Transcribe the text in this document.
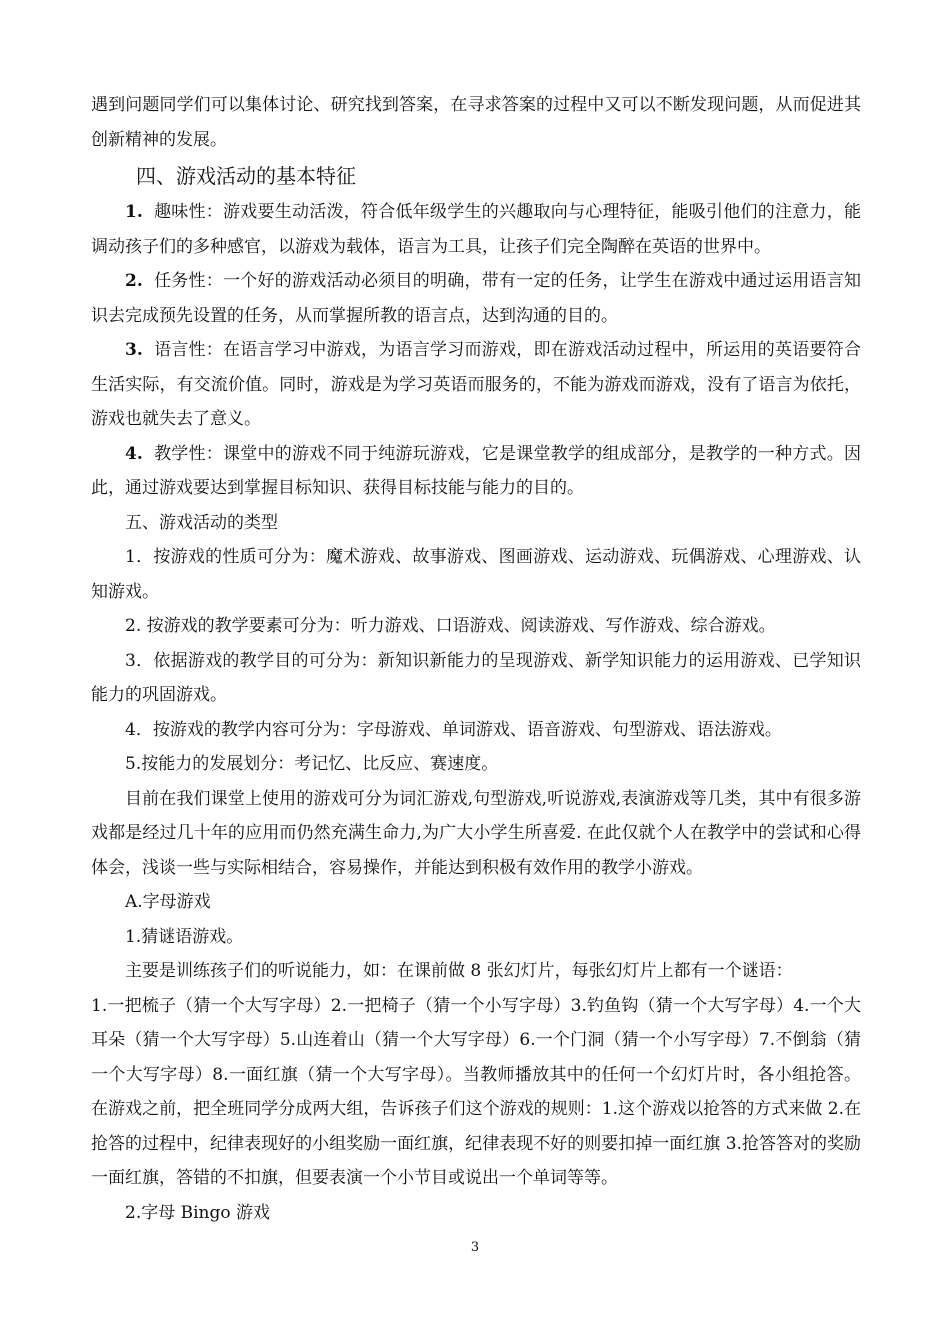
遇到问题同学们可以集体讨论、研究找到答案，在寻求答案的过程中又可以不断发现问题，从而促进其创新精神的发展。

四、游戏活动的基本特征

1. 趣味性：游戏要生动活泼，符合低年级学生的兴趣取向与心理特征，能吸引他们的注意力，能调动孩子们的多种感官，以游戏为载体，语言为工具，让孩子们完全陶醉在英语的世界中。

2. 任务性：一个好的游戏活动必须目的明确，带有一定的任务，让学生在游戏中通过运用语言知识去完成预先设置的任务，从而掌握所教的语言点，达到沟通的目的。

3. 语言性：在语言学习中游戏，为语言学习而游戏，即在游戏活动过程中，所运用的英语要符合生活实际，有交流价值。同时，游戏是为学习英语而服务的，不能为游戏而游戏，没有了语言为依托，游戏也就失去了意义。

4. 教学性：课堂中的游戏不同于纯游玩游戏，它是课堂教学的组成部分，是教学的一种方式。因此，通过游戏要达到掌握目标知识、获得目标技能与能力的目的。

五、游戏活动的类型

1．按游戏的性质可分为：魔术游戏、故事游戏、图画游戏、运动游戏、玩偶游戏、心理游戏、认知游戏。

2. 按游戏的教学要素可分为：听力游戏、口语游戏、阅读游戏、写作游戏、综合游戏。

3．依据游戏的教学目的可分为：新知识新能力的呈现游戏、新学知识能力的运用游戏、已学知识能力的巩固游戏。

4．按游戏的教学内容可分为：字母游戏、单词游戏、语音游戏、句型游戏、语法游戏。

5.按能力的发展划分：考记忆、比反应、赛速度。

目前在我们课堂上使用的游戏可分为词汇游戏,句型游戏,听说游戏,表演游戏等几类，其中有很多游戏都是经过几十年的应用而仍然充满生命力,为广大小学生所喜爱. 在此仅就个人在教学中的尝试和心得体会，浅谈一些与实际相结合，容易操作，并能达到积极有效作用的教学小游戏。

A.字母游戏

1.猜谜语游戏。

主要是训练孩子们的听说能力，如：在课前做 8 张幻灯片，每张幻灯片上都有一个谜语：

1.一把梳子（猜一个大写字母）2.一把椅子（猜一个小写字母）3.钓鱼钩（猜一个大写字母）4.一个大耳朵（猜一个大写字母）5.山连着山（猜一个大写字母）6.一个门洞（猜一个小写字母）7.不倒翁（猜一个大写字母）8.一面红旗（猜一个大写字母）。当教师播放其中的任何一个幻灯片时，各小组抢答。在游戏之前，把全班同学分成两大组，告诉孩子们这个游戏的规则：1.这个游戏以抢答的方式来做 2.在抢答的过程中，纪律表现好的小组奖励一面红旗，纪律表现不好的则要扣掉一面红旗 3.抢答答对的奖励一面红旗，答错的不扣旗，但要表演一个小节目或说出一个单词等等。

2.字母 Bingo 游戏

3
